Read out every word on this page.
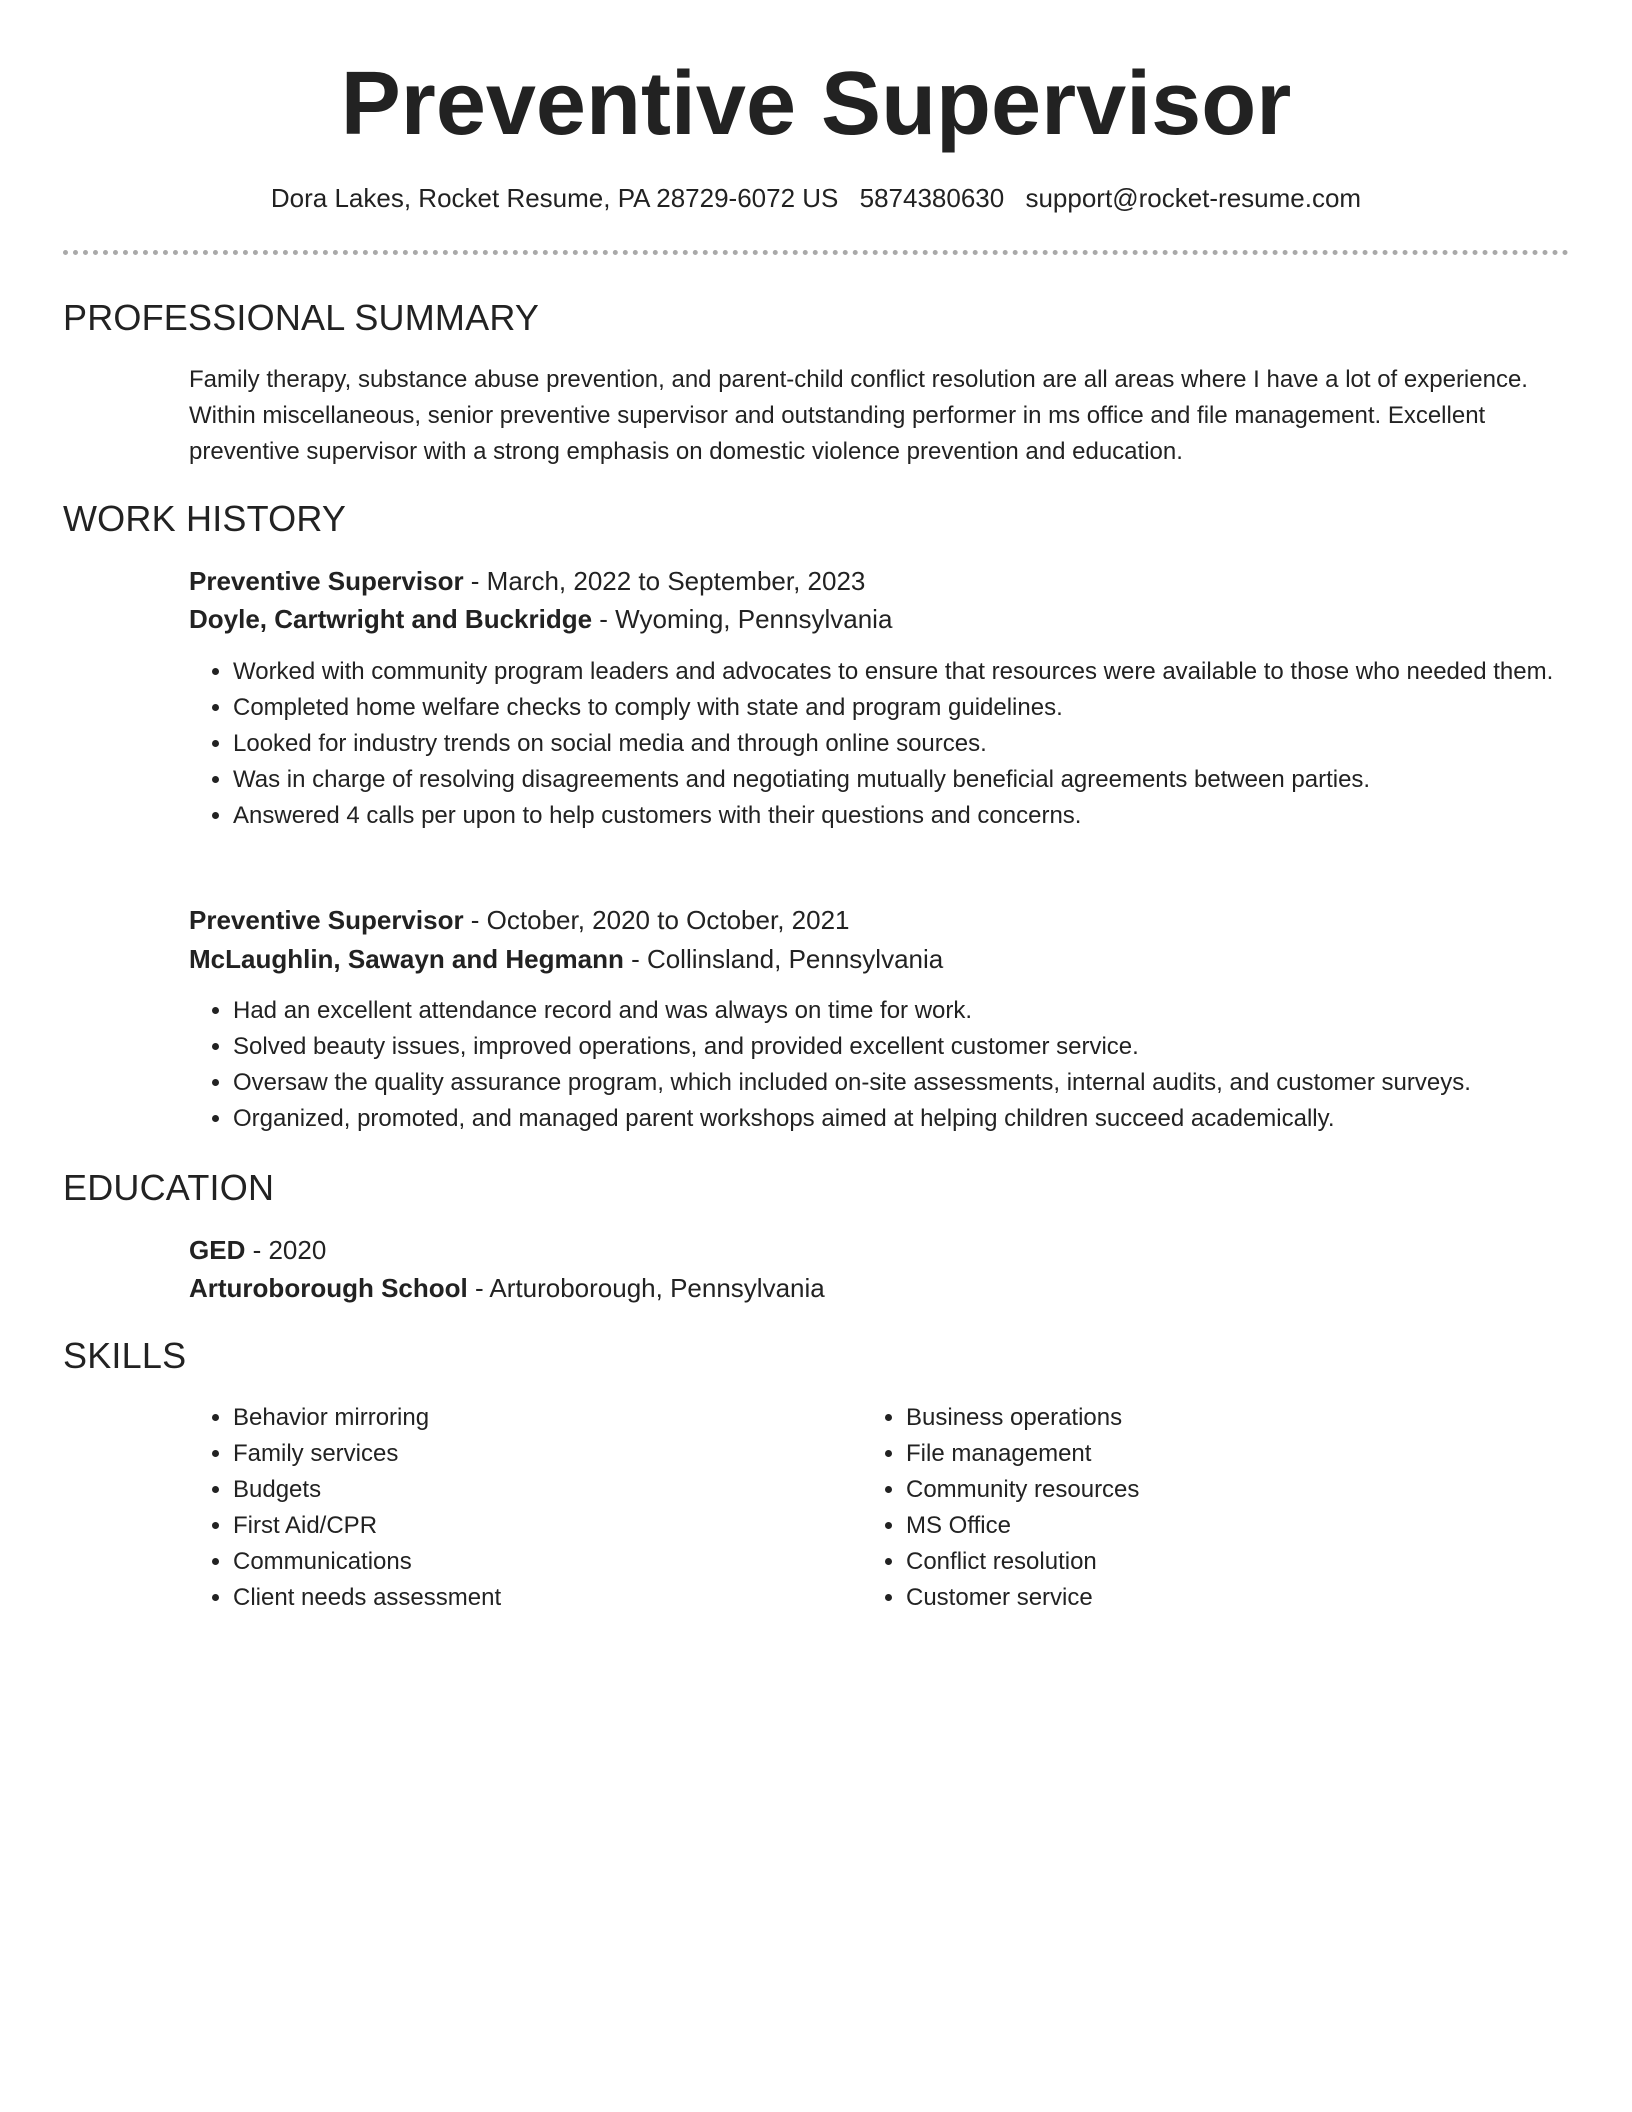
Preventive Supervisor
Dora Lakes, Rocket Resume, PA 28729-6072 US 5874380630 support@rocket-resume.com
PROFESSIONAL SUMMARY

Family therapy, substance abuse prevention, and parent-child conflict resolution are all areas where I have a lot of experience. Within miscellaneous, senior preventive supervisor and outstanding performer in ms office and file management. Excellent preventive supervisor with a strong emphasis on domestic violence prevention and education.

WORK HISTORY
Preventive Supervisor - March, 2022 to September, 2023
Doyle, Cartwright and Buckridge - Wyoming, Pennsylvania
• Worked with community program leaders and advocates to ensure that resources were available to those who needed them.
• Completed home welfare checks to comply with state and program guidelines.
• Looked for industry trends on social media and through online sources.
• Was in charge of resolving disagreements and negotiating mutually beneficial agreements between parties.
• Answered 4 calls per upon to help customers with their questions and concerns.
Preventive Supervisor - October, 2020 to October, 2021
McLaughlin, Sawayn and Hegmann - Collinsland, Pennsylvania
• Had an excellent attendance record and was always on time for work.
• Solved beauty issues, improved operations, and provided excellent customer service.
• Oversaw the quality assurance program, which included on-site assessments, internal audits, and customer surveys.
• Organized, promoted, and managed parent workshops aimed at helping children succeed academically.
EDUCATION
GED - 2020
Arturoborough School - Arturoborough, Pennsylvania
SKILLS
• Behavior mirroring
• Family services
• Budgets
• First Aid/CPR
• Communications
• Client needs assessment
• Business operations
• File management
• Community resources
• MS Office
• Conflict resolution
• Customer service
